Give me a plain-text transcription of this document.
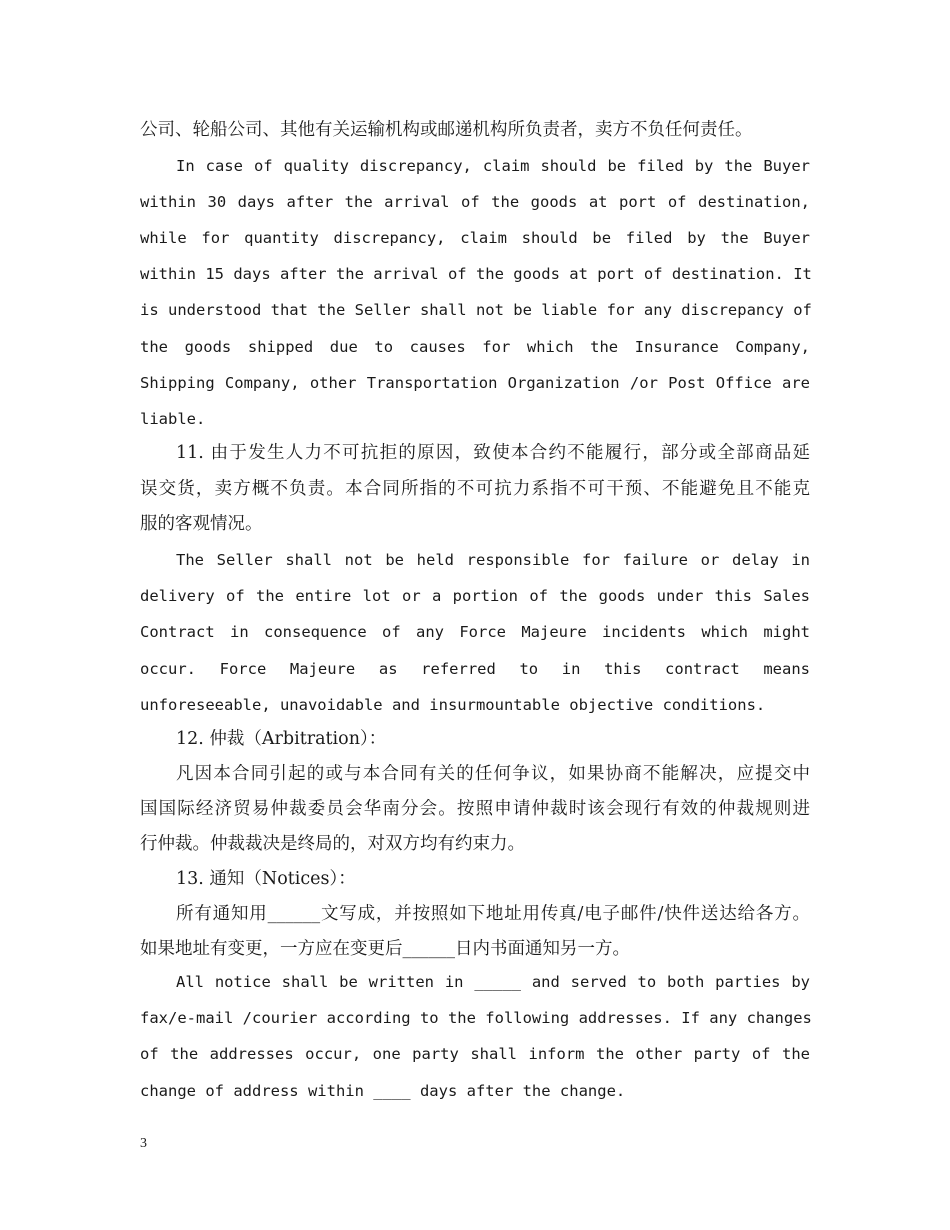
公司、轮船公司、其他有关运输机构或邮递机构所负责者，卖方不负任何责任。
In case of quality discrepancy, claim should be filed by the Buyer
within 30 days after the arrival of the goods at port of destination,
while for quantity discrepancy, claim should be filed by the Buyer
within 15 days after the arrival of the goods at port of destination. It
is understood that the Seller shall not be liable for any discrepancy of
the goods shipped due to causes for which the Insurance Company,
Shipping Company, other Transportation Organization /or Post Office are
liable.
11. 由于发生人力不可抗拒的原因，致使本合约不能履行，部分或全部商品延
误交货，卖方概不负责。本合同所指的不可抗力系指不可干预、不能避免且不能克
服的客观情况。
The Seller shall not be held responsible for failure or delay in
delivery of the entire lot or a portion of the goods under this Sales
Contract in consequence of any Force Majeure incidents which might
occur. Force Majeure as referred to in this contract means
unforeseeable, unavoidable and insurmountable objective conditions.
12. 仲裁（Arbitration）：
凡因本合同引起的或与本合同有关的任何争议，如果协商不能解决，应提交中
国国际经济贸易仲裁委员会华南分会。按照申请仲裁时该会现行有效的仲裁规则进
行仲裁。仲裁裁决是终局的，对双方均有约束力。
13. 通知（Notices）：
所有通知用______文写成，并按照如下地址用传真/电子邮件/快件送达给各方。
如果地址有变更，一方应在变更后______日内书面通知另一方。
All notice shall be written in _____ and served to both parties by
fax/e-mail /courier according to the following addresses. If any changes
of the addresses occur, one party shall inform the other party of the
change of address within ____ days after the change.
3
